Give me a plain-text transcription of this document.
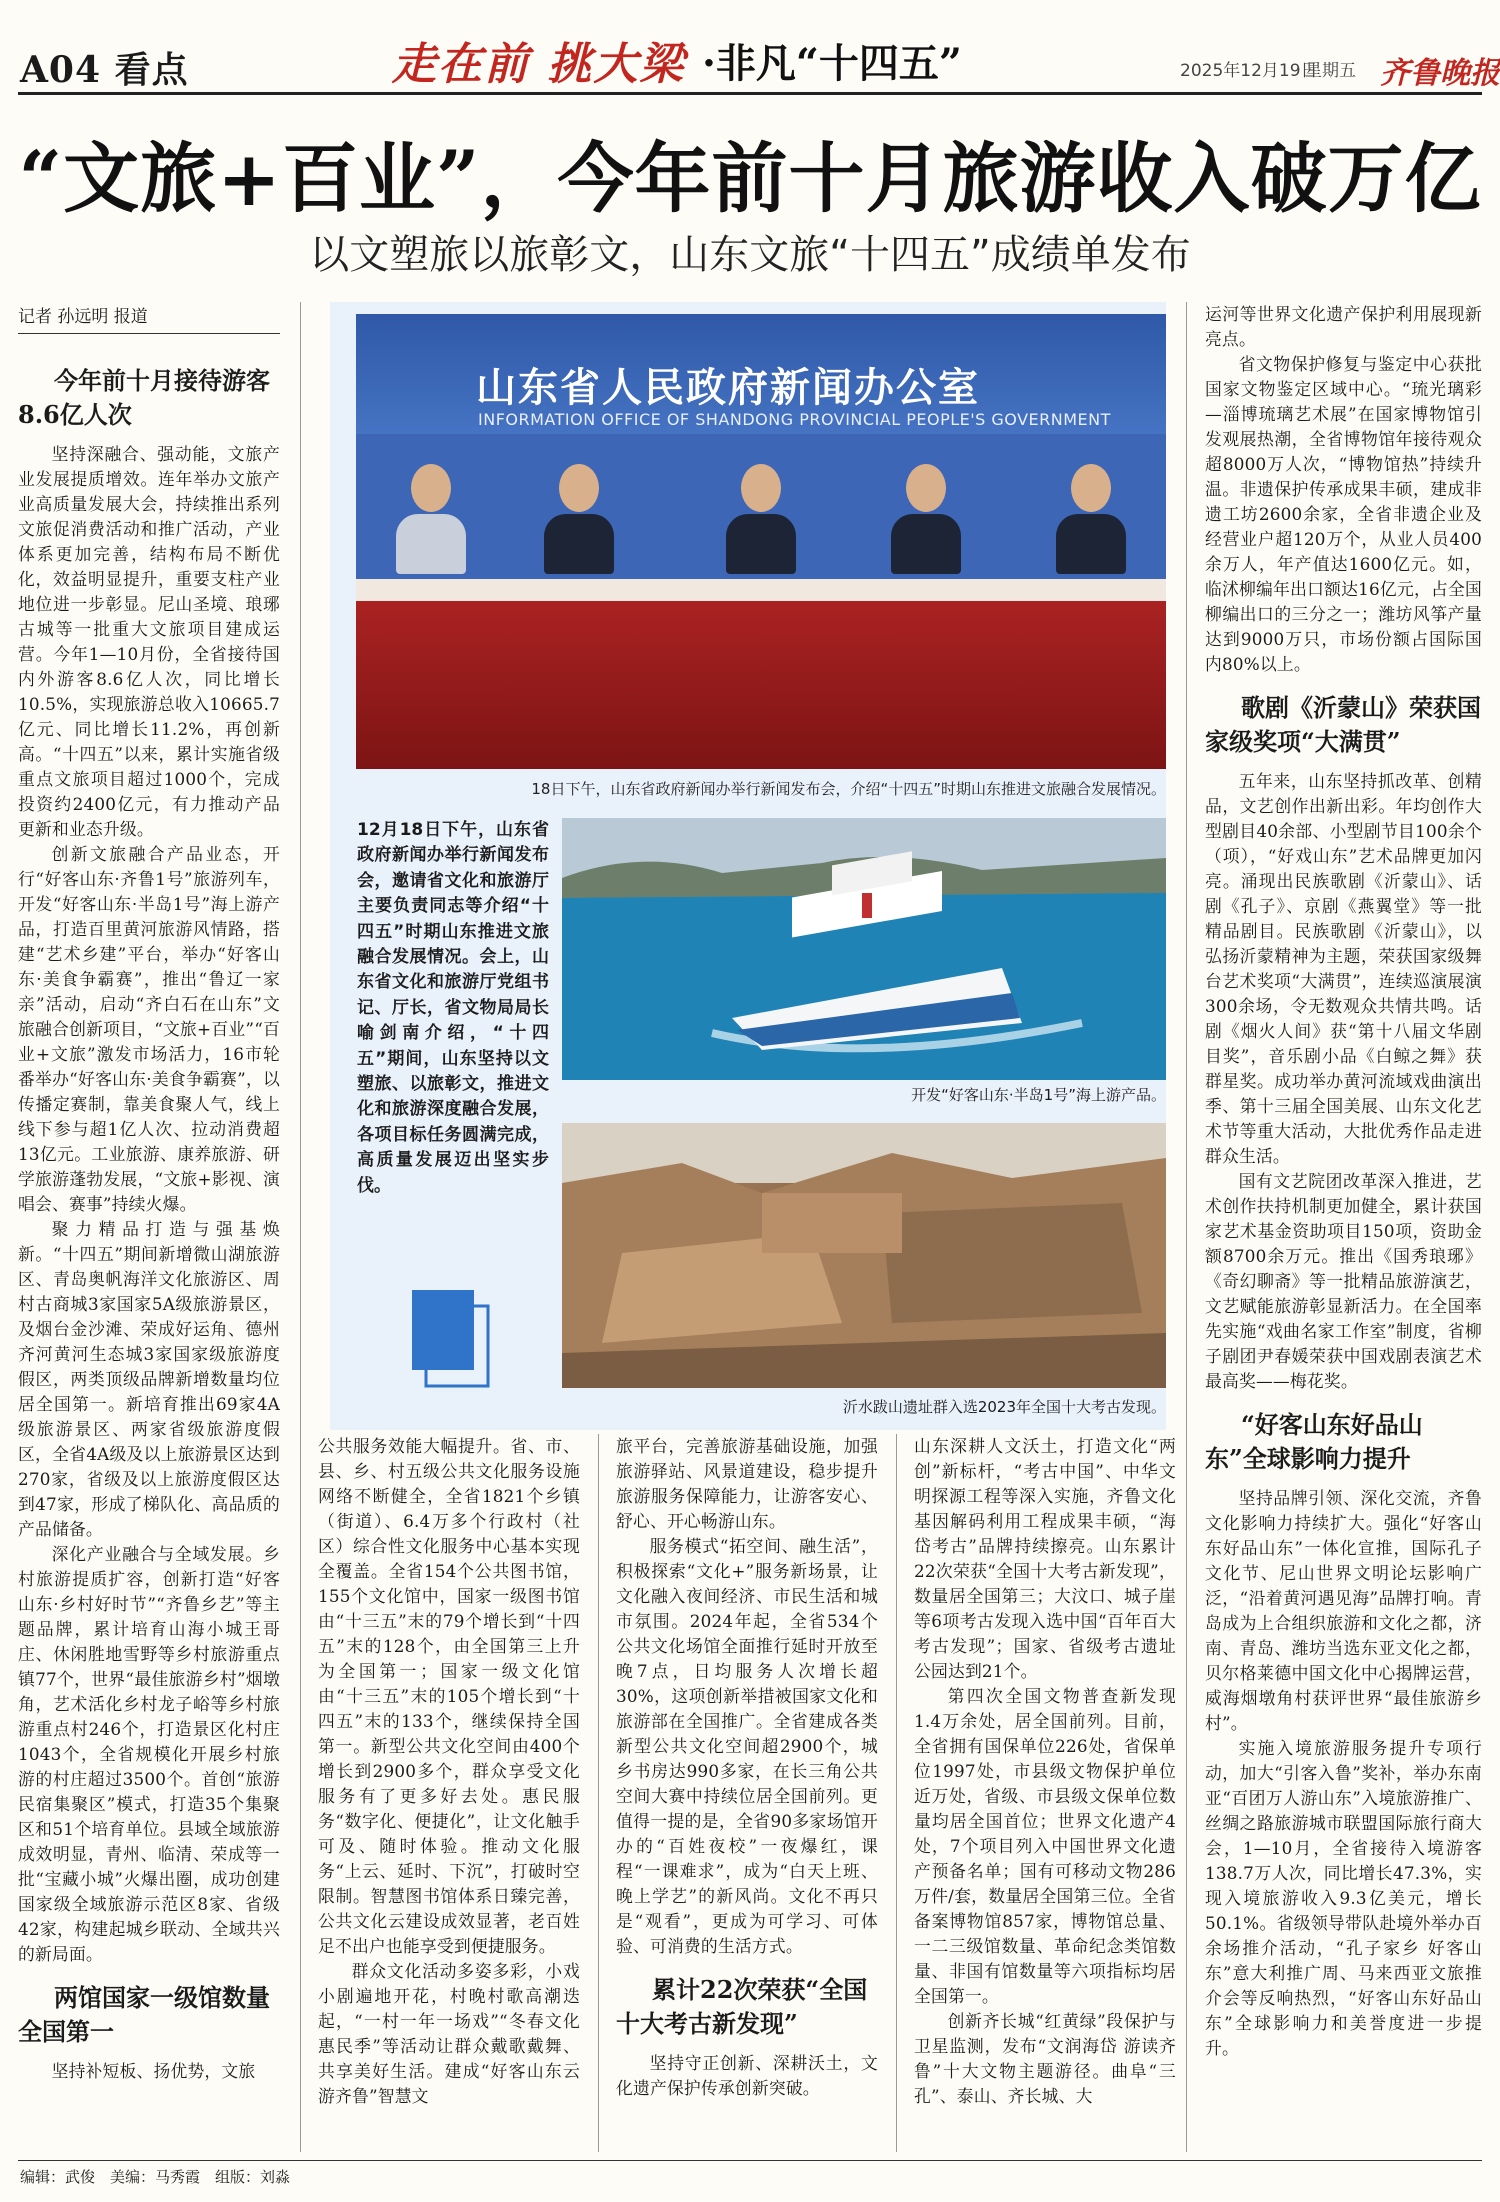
A04 看点	走在前 挑大梁 ·非凡“十四五”	2025年12月19日
星期五 齐鲁晚报
“文旅+百业”，今年前十月旅游收入破万亿
以文塑旅以旅彰文，山东文旅“十四五”成绩单发布
记者 孙远明 报道
今年前十月接待游客8.6亿人次

坚持深融合、强动能，文旅产业发展提质增效。连年举办文旅产业高质量发展大会，持续推出系列文旅促消费活动和推广活动，产业体系更加完善，结构布局不断优化，效益明显提升，重要支柱产业地位进一步彰显。尼山圣境、琅琊古城等一批重大文旅项目建成运营。今年1—10月份，全省接待国内外游客8.6亿人次，同比增长10.5%，实现旅游总收入10665.7亿元、同比增长11.2%，再创新高。“十四五”以来，累计实施省级重点文旅项目超过1000个，完成投资约2400亿元，有力推动产品更新和业态升级。

创新文旅融合产品业态，开行“好客山东·齐鲁1号”旅游列车，开发“好客山东·半岛1号”海上游产品，打造百里黄河旅游风情路，搭建“艺术乡建”平台，举办“好客山东·美食争霸赛”，推出“鲁辽一家亲”活动，启动“齐白石在山东”文旅融合创新项目，“文旅+百业”“百业+文旅”激发市场活力，16市轮番举办“好客山东·美食争霸赛”，以传播定赛制，靠美食聚人气，线上线下参与超1亿人次、拉动消费超13亿元。工业旅游、康养旅游、研学旅游蓬勃发展，“文旅+影视、演唱会、赛事”持续火爆。

聚力精品打造与强基焕新。“十四五”期间新增微山湖旅游区、青岛奥帆海洋文化旅游区、周村古商城3家国家5A级旅游景区，及烟台金沙滩、荣成好运角、德州齐河黄河生态城3家国家级旅游度假区，两类顶级品牌新增数量均位居全国第一。新培育推出69家4A级旅游景区、两家省级旅游度假区，全省4A级及以上旅游景区达到270家，省级及以上旅游度假区达到47家，形成了梯队化、高品质的产品储备。

深化产业融合与全域发展。乡村旅游提质扩容，创新打造“好客山东·乡村好时节”“齐鲁乡艺”等主题品牌，累计培育山海小城王哥庄、休闲胜地雪野等乡村旅游重点镇77个，世界“最佳旅游乡村”烟墩角，艺术活化乡村龙子峪等乡村旅游重点村246个，打造景区化村庄1043个，全省规模化开展乡村旅游的村庄超过3500个。首创“旅游民宿集聚区”模式，打造35个集聚区和51个培育单位。县域全域旅游成效明显，青州、临清、荣成等一批“宝藏小城”火爆出圈，成功创建国家级全域旅游示范区8家、省级42家，构建起城乡联动、全域共兴的新局面。

两馆国家一级馆数量全国第一

坚持补短板、扬优势，文旅

山东省人民政府新闻办公室
INFORMATION OFFICE OF SHANDONG PROVINCIAL PEOPLE'S GOVERNMENT
18日下午，山东省政府新闻办举行新闻发布会，介绍“十四五”时期山东推进文旅融合发展情况。
12月18日下午，山东省政府新闻办举行新闻发布会，邀请省文化和旅游厅主要负责同志等介绍“十四五”时期山东推进文旅融合发展情况。会上，山东省文化和旅游厅党组书记、厅长，省文物局局长喻剑南介绍，“十四五”期间，山东坚持以文塑旅、以旅彰文，推进文化和旅游深度融合发展，各项目标任务圆满完成，高质量发展迈出坚实步伐。
开发“好客山东·半岛1号”海上游产品。
沂水跋山遗址群入选2023年全国十大考古发现。

公共服务效能大幅提升。省、市、县、乡、村五级公共文化服务设施网络不断健全，全省1821个乡镇（街道）、6.4万多个行政村（社区）综合性文化服务中心基本实现全覆盖。全省154个公共图书馆，155个文化馆中，国家一级图书馆由“十三五”末的79个增长到“十四五”末的128个，由全国第三上升为全国第一；国家一级文化馆由“十三五”末的105个增长到“十四五”末的133个，继续保持全国第一。新型公共文化空间由400个增长到2900多个，群众享受文化服务有了更多好去处。惠民服务“数字化、便捷化”，让文化触手可及、随时体验。推动文化服务“上云、延时、下沉”，打破时空限制。智慧图书馆体系日臻完善，公共文化云建设成效显著，老百姓足不出户也能享受到便捷服务。

群众文化活动多姿多彩，小戏小剧遍地开花，村晚村歌高潮迭起，“一村一年一场戏”“冬春文化惠民季”等活动让群众戴歌戴舞、共享美好生活。建成“好客山东云游齐鲁”智慧文

旅平台，完善旅游基础设施，加强旅游驿站、风景道建设，稳步提升旅游服务保障能力，让游客安心、舒心、开心畅游山东。

服务模式“拓空间、融生活”，积极探索“文化+”服务新场景，让文化融入夜间经济、市民生活和城市氛围。2024年起，全省534个公共文化场馆全面推行延时开放至晚7点，日均服务人次增长超30%，这项创新举措被国家文化和旅游部在全国推广。全省建成各类新型公共文化空间超2900个，城乡书房达990多家，在长三角公共空间大赛中持续位居全国前列。更值得一提的是，全省90多家场馆开办的“百姓夜校”一夜爆红，课程“一课难求”，成为“白天上班、晚上学艺”的新风尚。文化不再只是“观看”，更成为可学习、可体验、可消费的生活方式。

累计22次荣获“全国十大考古新发现”

坚持守正创新、深耕沃土，文化遗产保护传承创新突破。

山东深耕人文沃土，打造文化“两创”新标杆，“考古中国”、中华文明探源工程等深入实施，齐鲁文化基因解码利用工程成果丰硕，“海岱考古”品牌持续擦亮。山东累计22次荣获“全国十大考古新发现”，数量居全国第三；大汶口、城子崖等6项考古发现入选中国“百年百大考古发现”；国家、省级考古遗址公园达到21个。

第四次全国文物普查新发现1.4万余处，居全国前列。目前，全省拥有国保单位226处，省保单位1997处，市县级文物保护单位近万处，省级、市县级文保单位数量均居全国首位；世界文化遗产4处，7个项目列入中国世界文化遗产预备名单；国有可移动文物286万件/套，数量居全国第三位。全省备案博物馆857家，博物馆总量、一二三级馆数量、革命纪念类馆数量、非国有馆数量等六项指标均居全国第一。

创新齐长城“红黄绿”段保护与卫星监测，发布“文润海岱 游读齐鲁”十大文物主题游径。曲阜“三孔”、泰山、齐长城、大

运河等世界文化遗产保护利用展现新亮点。

省文物保护修复与鉴定中心获批国家文物鉴定区域中心。“琉光璃彩—淄博琉璃艺术展”在国家博物馆引发观展热潮，全省博物馆年接待观众超8000万人次，“博物馆热”持续升温。非遗保护传承成果丰硕，建成非遗工坊2600余家，全省非遗企业及经营业户超120万个，从业人员400余万人，年产值达1600亿元。如，临沭柳编年出口额达16亿元，占全国柳编出口的三分之一；潍坊风筝产量达到9000万只，市场份额占国际国内80%以上。

歌剧《沂蒙山》荣获国家级奖项“大满贯”

五年来，山东坚持抓改革、创精品，文艺创作出新出彩。年均创作大型剧目40余部、小型剧节目100余个（项），“好戏山东”艺术品牌更加闪亮。涌现出民族歌剧《沂蒙山》、话剧《孔子》、京剧《燕翼堂》等一批精品剧目。民族歌剧《沂蒙山》，以弘扬沂蒙精神为主题，荣获国家级舞台艺术奖项“大满贯”，连续巡演展演300余场，令无数观众共情共鸣。话剧《烟火人间》获“第十八届文华剧目奖”，音乐剧小品《白鲸之舞》获群星奖。成功举办黄河流域戏曲演出季、第十三届全国美展、山东文化艺术节等重大活动，大批优秀作品走进群众生活。

国有文艺院团改革深入推进，艺术创作扶持机制更加健全，累计获国家艺术基金资助项目150项，资助金额8700余万元。推出《国秀琅琊》《奇幻聊斋》等一批精品旅游演艺，文艺赋能旅游彰显新活力。在全国率先实施“戏曲名家工作室”制度，省柳子剧团尹春媛荣获中国戏剧表演艺术最高奖——梅花奖。

“好客山东好品山东”全球影响力提升

坚持品牌引领、深化交流，齐鲁文化影响力持续扩大。强化“好客山东好品山东”一体化宣推，国际孔子文化节、尼山世界文明论坛影响广泛，“沿着黄河遇见海”品牌打响。青岛成为上合组织旅游和文化之都，济南、青岛、潍坊当选东亚文化之都，贝尔格莱德中国文化中心揭牌运营，威海烟墩角村获评世界“最佳旅游乡村”。

实施入境旅游服务提升专项行动，加大“引客入鲁”奖补，举办东南亚“百团万人游山东”入境旅游推广、丝绸之路旅游城市联盟国际旅行商大会，1—10月，全省接待入境游客138.7万人次，同比增长47.3%，实现入境旅游收入9.3亿美元，增长50.1%。省级领导带队赴境外举办百余场推介活动，“孔子家乡 好客山东”意大利推广周、马来西亚文旅推介会等反响热烈，“好客山东好品山东”全球影响力和美誉度进一步提升。

编辑：武俊　美编：马秀霞　组版：刘淼
